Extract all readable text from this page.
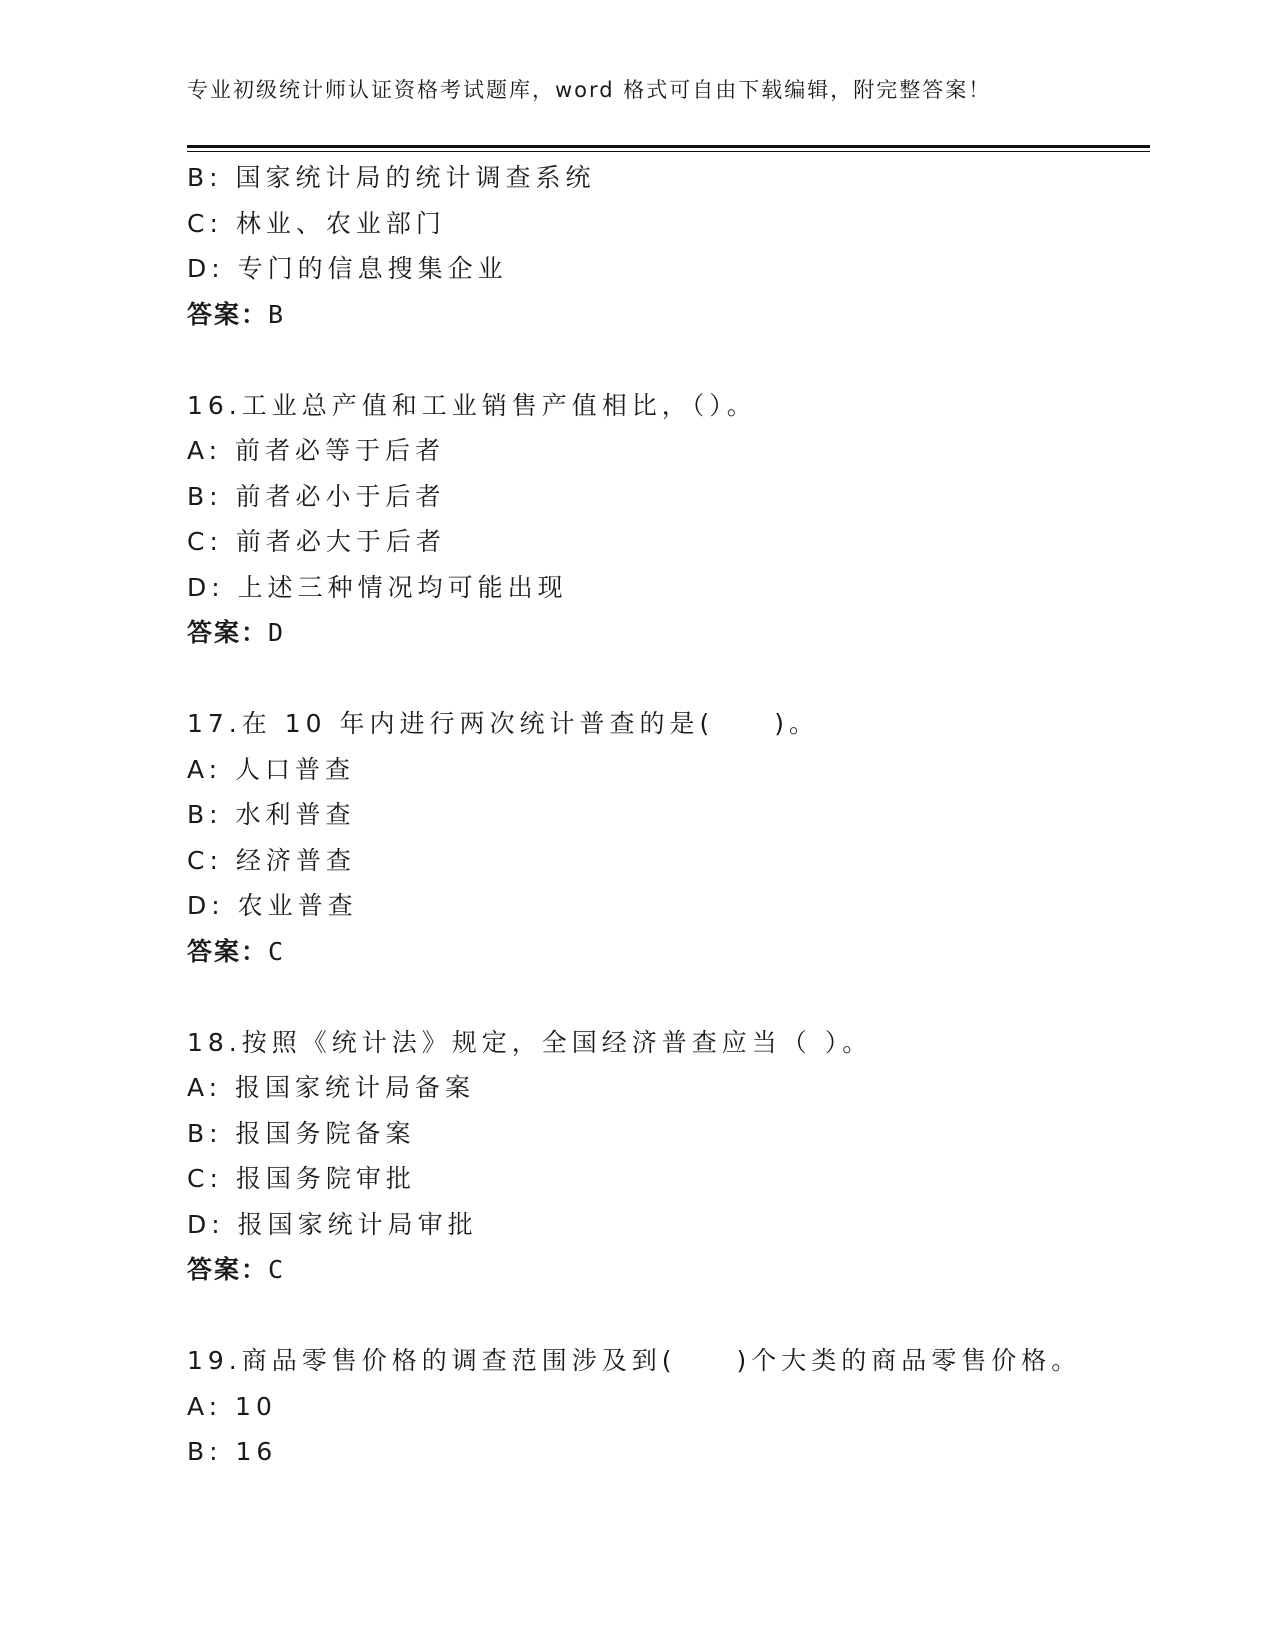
专业初级统计师认证资格考试题库，word 格式可自由下载编辑，附完整答案！
B: 国家统计局的统计调查系统
C: 林业、农业部门
D: 专门的信息搜集企业
答案：B
16.工业总产值和工业销售产值相比，（）。
A: 前者必等于后者
B: 前者必小于后者
C: 前者必大于后者
D: 上述三种情况均可能出现
答案：D
17.在 10 年内进行两次统计普查的是(　　)。
A: 人口普查
B: 水利普查
C: 经济普查
D: 农业普查
答案：C
18.按照《统计法》规定，全国经济普查应当（ ）。
A: 报国家统计局备案
B: 报国务院备案
C: 报国务院审批
D: 报国家统计局审批
答案：C
19.商品零售价格的调查范围涉及到(　　)个大类的商品零售价格。
A: 10
B: 16
